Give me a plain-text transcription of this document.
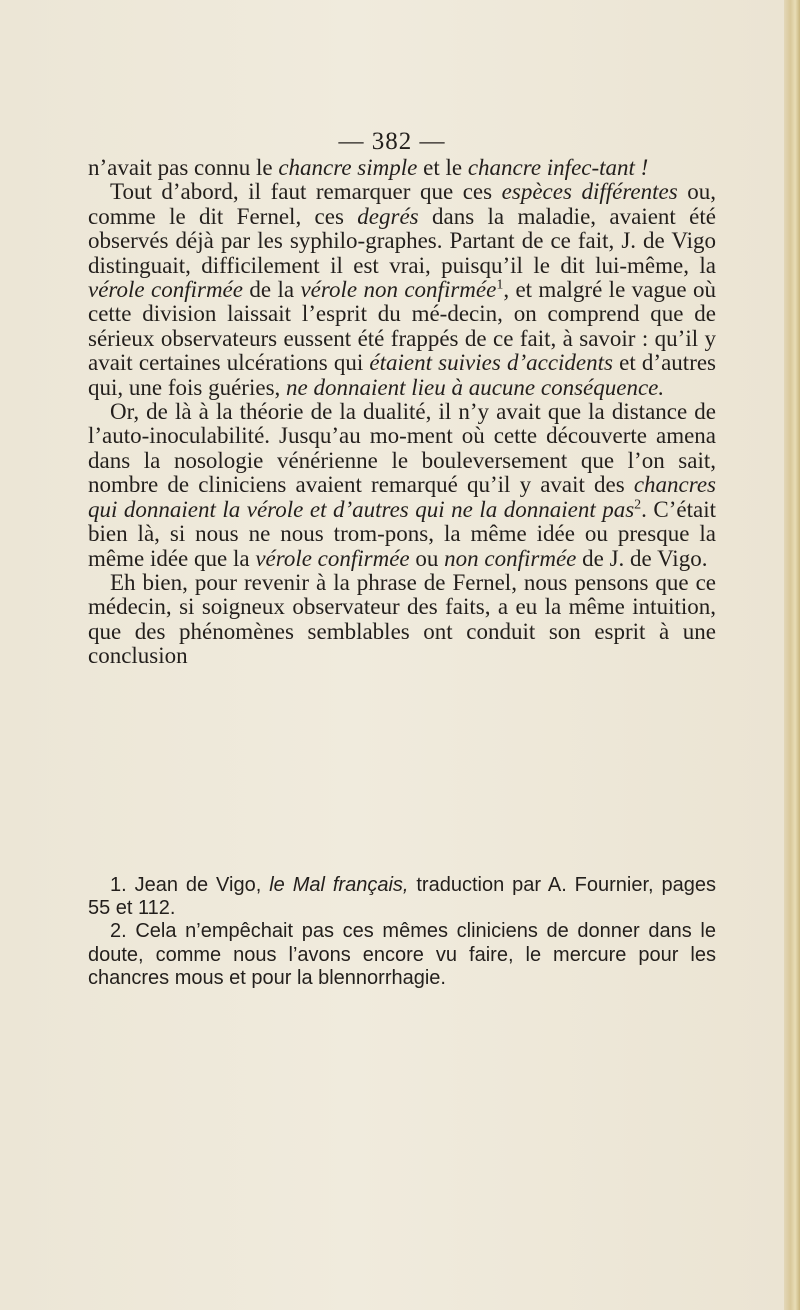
— 382 —

n’avait pas connu le chancre simple et le chancre infec-tant !

Tout d’abord, il faut remarquer que ces espèces différentes ou, comme le dit Fernel, ces degrés dans la maladie, avaient été observés déjà par les syphilo-graphes. Partant de ce fait, J. de Vigo distinguait, difficilement il est vrai, puisqu’il le dit lui-même, la vérole confirmée de la vérole non confirmée$^1$, et malgré le vague où cette division laissait l’esprit du mé-decin, on comprend que de sérieux observateurs eussent été frappés de ce fait, à savoir : qu’il y avait certaines ulcérations qui étaient suivies d’accidents et d’autres qui, une fois guéries, ne donnaient lieu à aucune conséquence.

Or, de là à la théorie de la dualité, il n’y avait que la distance de l’auto-inoculabilité. Jusqu’au mo-ment où cette découverte amena dans la nosologie vénérienne le bouleversement que l’on sait, nombre de cliniciens avaient remarqué qu’il y avait des chancres qui donnaient la vérole et d’autres qui ne la donnaient pas$^2$. C’était bien là, si nous ne nous trom-pons, la même idée ou presque la même idée que la vérole confirmée ou non confirmée de J. de Vigo.

Eh bien, pour revenir à la phrase de Fernel, nous pensons que ce médecin, si soigneux observateur des faits, a eu la même intuition, que des phénomènes semblables ont conduit son esprit à une conclusion

1. Jean de Vigo, le Mal français, traduction par A. Fournier, pages 55 et 112.

2. Cela n’empêchait pas ces mêmes cliniciens de donner dans le doute, comme nous l’avons encore vu faire, le mercure pour les chancres mous et pour la blennorrhagie.
